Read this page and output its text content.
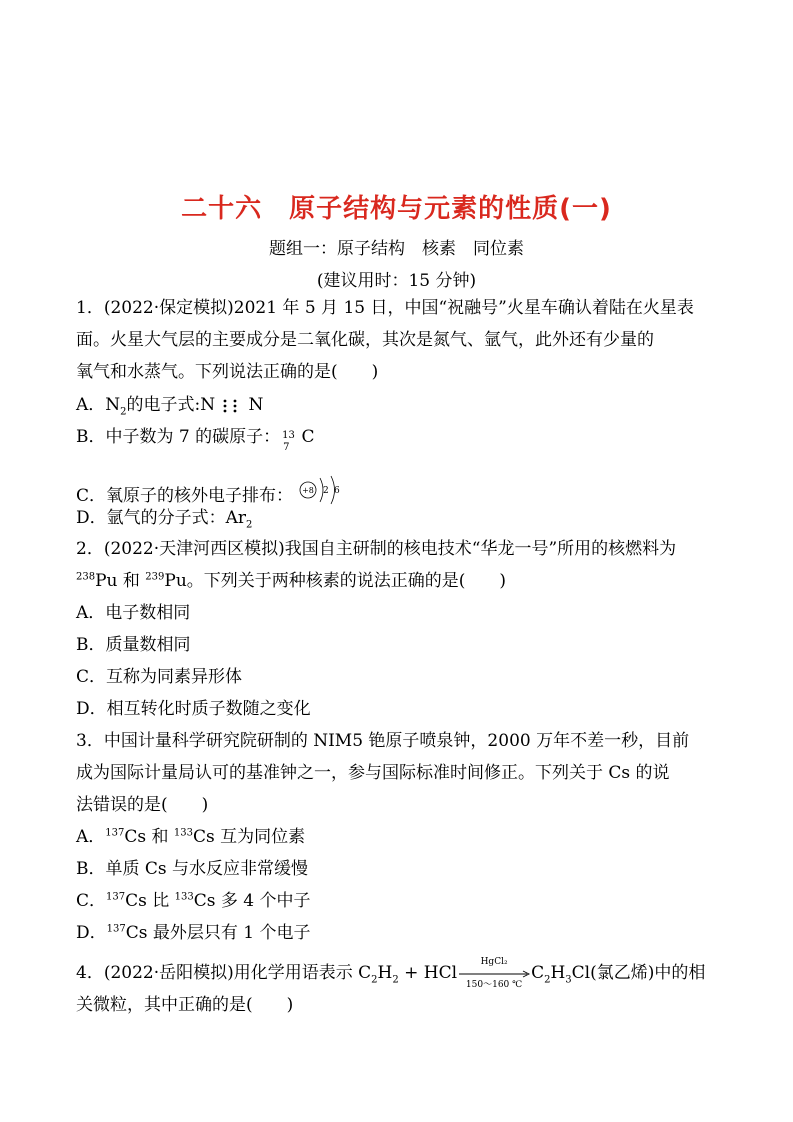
二十六　原子结构与元素的性质(一)
题组一：原子结构　核素　同位素
(建议用时：15 分钟)
1．(2022·保定模拟)2021 年 5 月 15 日，中国“祝融号”火星车确认着陆在火星表
面。火星大气层的主要成分是二氧化碳，其次是氮气、氩气，此外还有少量的
氧气和水蒸气。下列说法正确的是(　　)
A．$N_2$的电子式:N N
B．中子数为 7 的碳原子： 13
7 C
C．氧原子的核外电子排布： +8 2 6
D．氩气的分子式：$Ar_2$
2．(2022·天津河西区模拟)我国自主研制的核电技术“华龙一号”所用的核燃料为
$^{238}$Pu 和 $^{239}$Pu。下列关于两种核素的说法正确的是(　　)
A．电子数相同
B．质量数相同
C．互称为同素异形体
D．相互转化时质子数随之变化
3．中国计量科学研究院研制的 NIM5 铯原子喷泉钟，2000 万年不差一秒，目前
成为国际计量局认可的基准钟之一，参与国际标准时间修正。下列关于 Cs 的说
法错误的是(　　)
A．$^{137}$Cs 和 $^{133}$Cs 互为同位素
B．单质 Cs 与水反应非常缓慢
C．$^{137}$Cs 比 $^{133}$Cs 多 4 个中子
D．$^{137}$Cs 最外层只有 1 个电子
4．(2022·岳阳模拟)用化学用语表示 $C_2H_2$ + HCl
HgCl₂
150～160 ℃
$C_2H_3Cl$(氯乙烯)中的相
关微粒，其中正确的是(　　)
